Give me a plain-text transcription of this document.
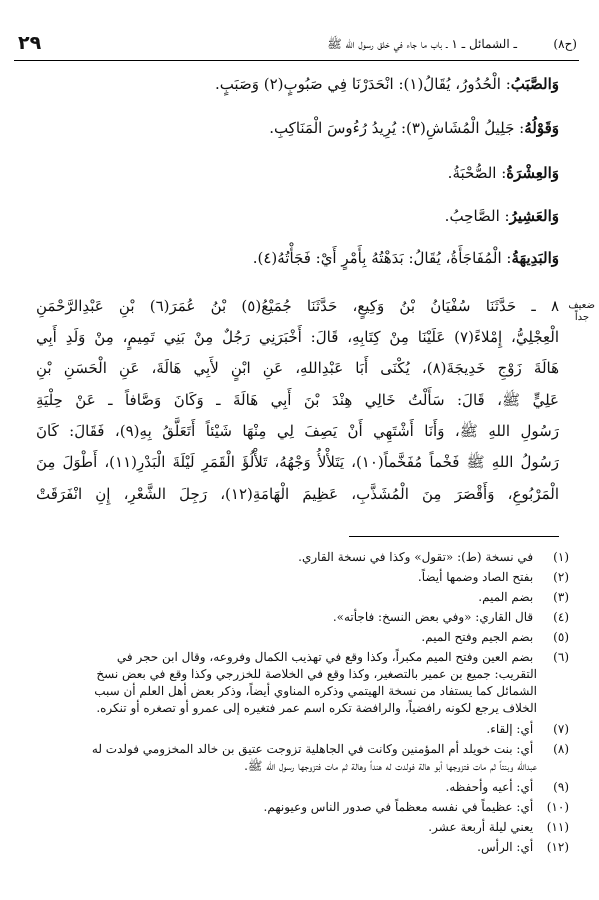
٢٩	ـ الشمائل ـ ١ ـ باب ما جاء في خلق رسول الله ﷺ	(ح٨)
وَالصَّبَبُ: الْحُدُورُ، يُقَالُ(١): انْحَدَرْنَا فِي صَبُوبٍ(٢) وَصَبَبٍ.
وَقَوْلُهُ: جَلِيلُ الْمُشَاشِ(٣): يُرِيدُ رُءُوسَ الْمَنَاكِبِ.
وَالعِشْرَةُ: الصُّحْبَةُ.
وَالعَشِيرُ: الصَّاحِبُ.
وَالبَدِيهَةُ: الْمُفَاجَأَةُ، يُقَالُ: بَدَهْتُهُ بِأَمْرٍ أَيْ: فَجَأْتُهُ(٤).
ضعيف جداً
٨ ـ حَدَّثَنَا سُفْيَانُ بْنُ وَكِيعٍ، حَدَّثَنَا جُمَيْعُ(٥) بْنُ عُمَرَ(٦) بْنِ عَبْدِالرَّحْمَنِ
الْعِجْلِيُّ، إِمْلاءً(٧) عَلَيْنَا مِنْ كِتَابِهِ، قَالَ: أَخْبَرَنِي رَجُلٌ مِنْ بَنِي تَمِيمٍ، مِنْ وَلَدِ أَبِي
هَالَةَ زَوْجِ خَدِيجَةَ(٨)، يُكْنَى أَبَا عَبْدِاللهِ، عَنِ ابْنٍ لأَبِي هَالَةَ، عَنِ الْحَسَنِ بْنِ
عَلِيٍّ ﷺ، قَالَ: سَأَلْتُ خَالِي هِنْدَ بْنَ أَبِي هَالَةَ ـ وَكَانَ وَصَّافاً ـ عَنْ حِلْيَةِ
رَسُولِ اللهِ ﷺ، وَأَنَا أَشْتَهِي أَنْ يَصِفَ لِي مِنْهَا شَيْئاً أَتَعَلَّقُ بِهِ(٩)، فَقَالَ: كَانَ
رَسُولُ اللهِ ﷺ فَخْماً مُفَخَّماً(١٠)، يَتَلأْلأُ وَجْهُهُ، تَلأْلُؤَ الْقَمَرِ لَيْلَةَ الْبَدْرِ(١١)، أَطْوَلَ مِنَ
الْمَرْبُوعِ، وَأَقْصَرَ مِنَ الْمُشَذَّبِ، عَظِيمَ الْهَامَةِ(١٢)، رَجِلَ الشَّعْرِ، إِنِ انْفَرَقَتْ
(١) في نسخة (ط): «تقول» وكذا في نسخة القاري.
(٢) بفتح الصاد وضمها أيضاً.
(٣) بضم الميم.
(٤) قال القاري: «وفي بعض النسخ: فاجأته».
(٥) بضم الجيم وفتح الميم.
(٦) بضم العين وفتح الميم مكبراً، وكذا وقع في تهذيب الكمال وفروعه، وقال ابن حجر في
التقريب: جميع بن عمير بالتصغير، وكذا وقع في الخلاصة للخزرجي وكذا وقع في بعض نسخ
الشمائل كما يستفاد من نسخة الهيتمي وذكره المناوي أيضاً، وذكر بعض أهل العلم أن سبب
الخلاف يرجع لكونه رافضياً، والرافضة تكره اسم عمر فتغيره إلى عمرو أو تصغره أو تنكره.
(٧) أي: إلقاء.
(٨) أي: بنت خويلد أم المؤمنين وكانت في الجاهلية تزوجت عتيق بن خالد المخزومي فولدت له
عبدالله وبنتاً ثم مات فتزوجها أبو هالة فولدت له هنداً وهالة ثم مات فتزوجها رسول الله ﷺ.
(٩) أي: أعيه وأحفظه.
(١٠) أي: عظيماً في نفسه معظماً في صدور الناس وعيونهم.
(١١) يعني ليلة أربعة عشر.
(١٢) أي: الرأس.
